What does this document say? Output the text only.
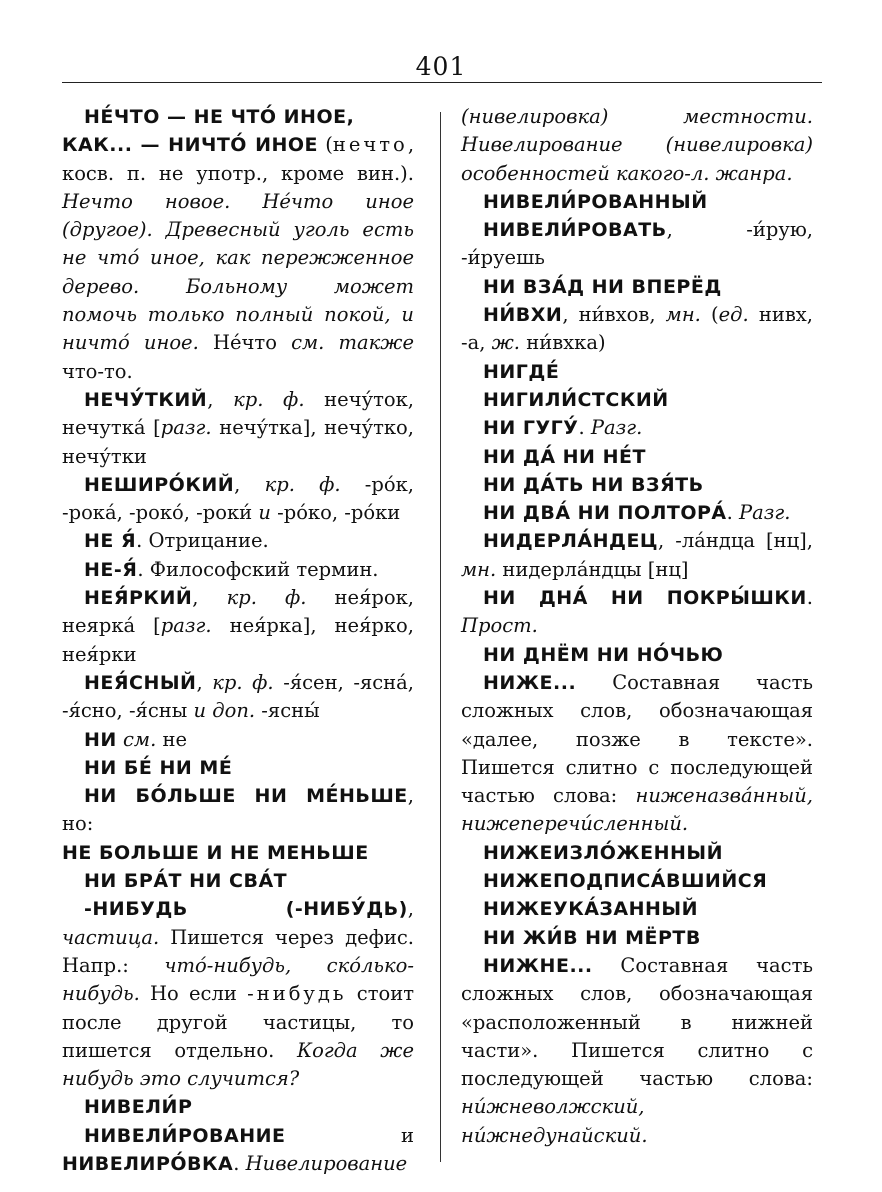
401

НЕ́ЧТО — НЕ ЧТО́ ИНОЕ,
КАК... — НИЧТО́ ИНОЕ (нечто, косв. п. не употр., кроме вин.). Нечто новое. Не́что иное (другое). Древесный уголь есть не что́ иное, как пережженное дерево. Больному может помочь только полный покой, и ничто́ иное. Не́что см. также что-то.

НЕЧУ́ТКИЙ, кр. ф. нечу́ток, нечутка́ [разг. нечу́тка], нечу́тко, нечу́тки

НЕШИРО́КИЙ, кр. ф. -ро́к, -рока́, -роко́, -роки́ и -ро́ко, -ро́ки

НЕ Я́. Отрицание.

НЕ-Я́. Философский термин.

НЕЯ́РКИЙ, кр. ф. нея́рок, неярка́ [разг. нея́рка], нея́рко, нея́рки

НЕЯ́СНЫЙ, кр. ф. -я́сен, -ясна́, -я́сно, -я́сны и доп. -ясны́

НИ см. не

НИ БЕ́ НИ МЕ́

НИ БО́ЛЬШЕ НИ МЕ́НЬШЕ, но:
НЕ БОЛЬШЕ И НЕ МЕНЬШЕ

НИ БРА́Т НИ СВА́Т

-НИБУДЬ (-НИБУ́ДЬ), частица. Пишется через дефис. Напр.: что́-нибудь, ско́лько-нибудь. Но если -нибудь стоит после другой частицы, то пишется отдельно. Когда же нибудь это случится?

НИВЕЛИ́Р

НИВЕЛИ́РОВАНИЕ и НИВЕЛИРО́ВКА. Нивелирование

(нивелировка) местности. Нивелирование (нивелировка) особенностей какого-л. жанра.

НИВЕЛИ́РОВАННЫЙ

НИВЕЛИ́РОВАТЬ, -и́рую, -и́руешь

НИ ВЗА́Д НИ ВПЕРЁД

НИ́ВХИ, ни́вхов, мн. (ед. нивх, -а, ж. ни́вхка)

НИГДЕ́

НИГИЛИ́СТСКИЙ

НИ ГУГУ́. Разг.

НИ ДА́ НИ НЕ́Т

НИ ДА́ТЬ НИ ВЗЯ́ТЬ

НИ ДВА́ НИ ПОЛТОРА́. Разг.

НИДЕРЛА́НДЕЦ, -ла́ндца [нц], мн. нидерла́ндцы [нц]

НИ ДНА́ НИ ПОКРЫ́ШКИ. Прост.

НИ ДНЁМ НИ НО́ЧЬЮ

НИЖЕ... Составная часть сложных слов, обозначающая «далее, позже в тексте». Пишется слитно с последующей частью слова: ниженазва́нный, нижеперечи́сленный.

НИЖЕИЗЛО́ЖЕННЫЙ

НИЖЕПОДПИСА́ВШИЙСЯ

НИЖЕУКА́ЗАННЫЙ

НИ ЖИ́В НИ МЁРТВ

НИЖНЕ... Составная часть сложных слов, обозначающая «расположенный в нижней части». Пишется слитно с последующей частью слова: ни́жневолжский, ни́жнедунайский.
